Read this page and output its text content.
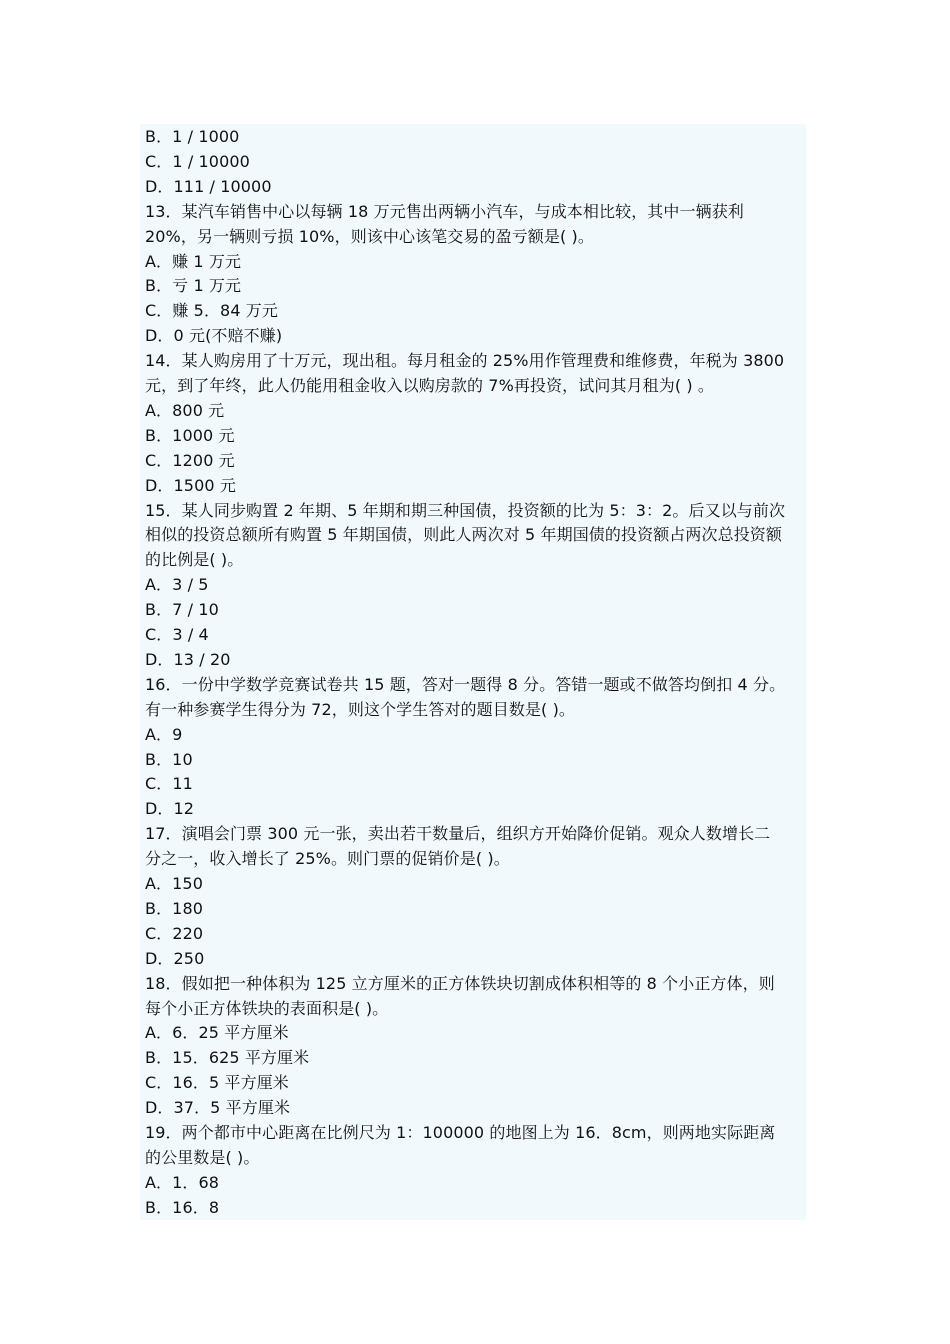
B．1 / 1000
C．1 / 10000
D．111 / 10000
13．某汽车销售中心以每辆 18 万元售出两辆小汽车，与成本相比较，其中一辆获利
20%，另一辆则亏损 10%，则该中心该笔交易的盈亏额是( )。
A．赚 1 万元
B．亏 1 万元
C．赚 5．84 万元
D．0 元(不赔不赚)
14．某人购房用了十万元，现出租。每月租金的 25%用作管理费和维修费，年税为 3800
元，到了年终，此人仍能用租金收入以购房款的 7%再投资，试问其月租为( ) 。
A．800 元
B．1000 元
C．1200 元
D．1500 元
15．某人同步购置 2 年期、5 年期和期三种国债，投资额的比为 5：3：2。后又以与前次
相似的投资总额所有购置 5 年期国债，则此人两次对 5 年期国债的投资额占两次总投资额
的比例是( )。
A．3 / 5
B．7 / 10
C．3 / 4
D．13 / 20
16．一份中学数学竞赛试卷共 15 题，答对一题得 8 分。答错一题或不做答均倒扣 4 分。
有一种参赛学生得分为 72，则这个学生答对的题目数是( )。
A．9
B．10
C．11
D．12
17．演唱会门票 300 元一张，卖出若干数量后，组织方开始降价促销。观众人数增长二
分之一，收入增长了 25%。则门票的促销价是( )。
A．150
B．180
C．220
D．250
18．假如把一种体积为 125 立方厘米的正方体铁块切割成体积相等的 8 个小正方体，则
每个小正方体铁块的表面积是( )。
A．6．25 平方厘米
B．15．625 平方厘米
C．16．5 平方厘米
D．37．5 平方厘米
19．两个都市中心距离在比例尺为 1：100000 的地图上为 16．8cm，则两地实际距离
的公里数是( )。
A．1．68
B．16．8
